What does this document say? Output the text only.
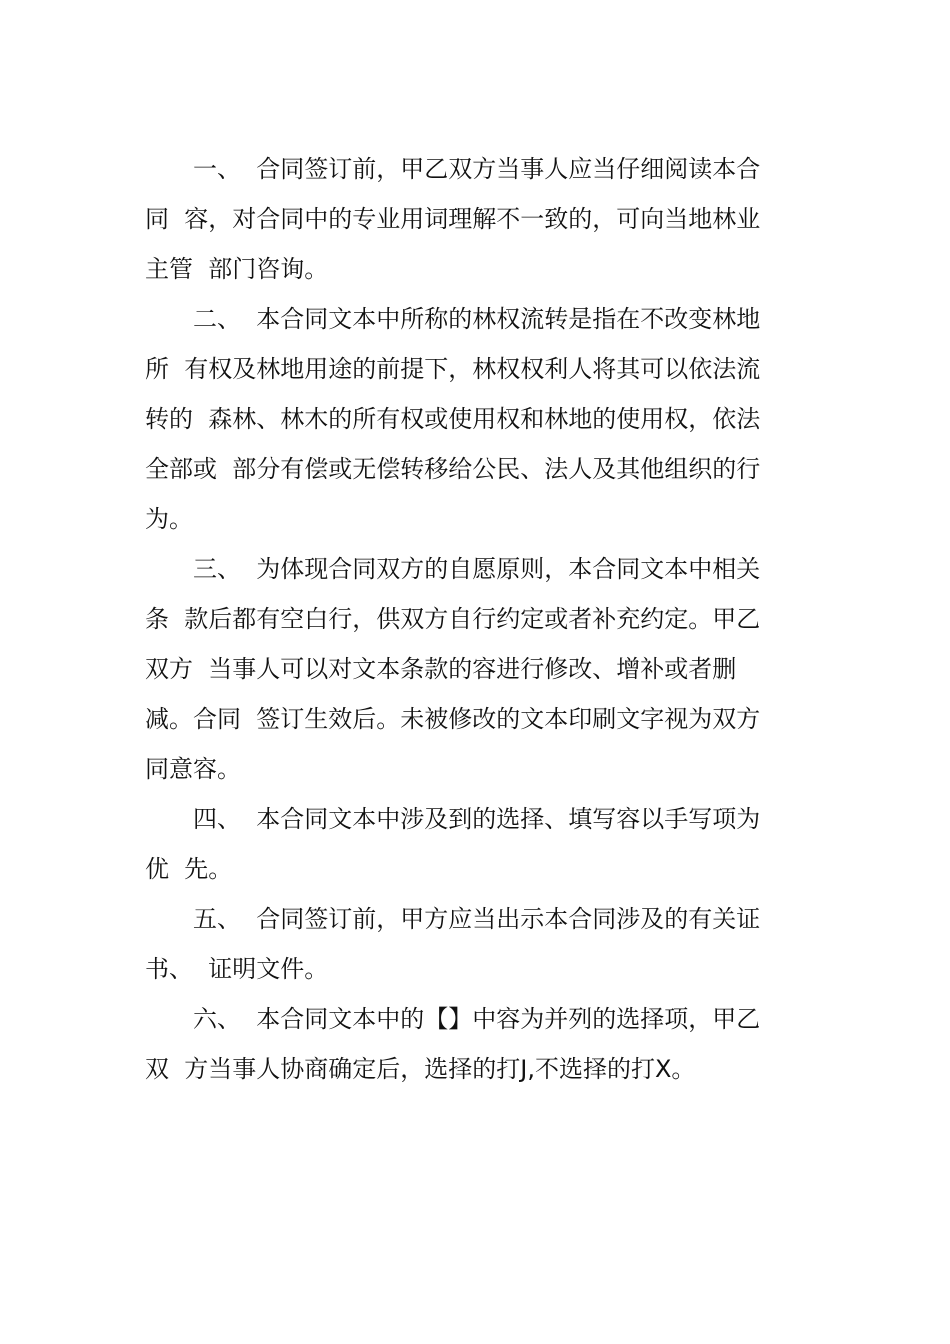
一、  合同签订前，甲乙双方当事人应当仔细阅读本合
同  容，对合同中的专业用词理解不一致的，可向当地林业
主管  部门咨询。

二、  本合同文本中所称的林权流转是指在不改变林地
所  有权及林地用途的前提下，林权权利人将其可以依法流
转的  森林、林木的所有权或使用权和林地的使用权，依法
全部或  部分有偿或无偿转移给公民、法人及其他组织的行
为。

三、  为体现合同双方的自愿原则，本合同文本中相关
条  款后都有空白行，供双方自行约定或者补充约定。甲乙
双方  当事人可以对文本条款的容进行修改、增补或者删
减。合同  签订生效后。未被修改的文本印刷文字视为双方
同意容。

四、  本合同文本中涉及到的选择、填写容以手写项为
优  先。

五、  合同签订前，甲方应当出示本合同涉及的有关证
书、  证明文件。

六、  本合同文本中的【】中容为并列的选择项，甲乙
双  方当事人协商确定后，选择的打J,不选择的打X。
